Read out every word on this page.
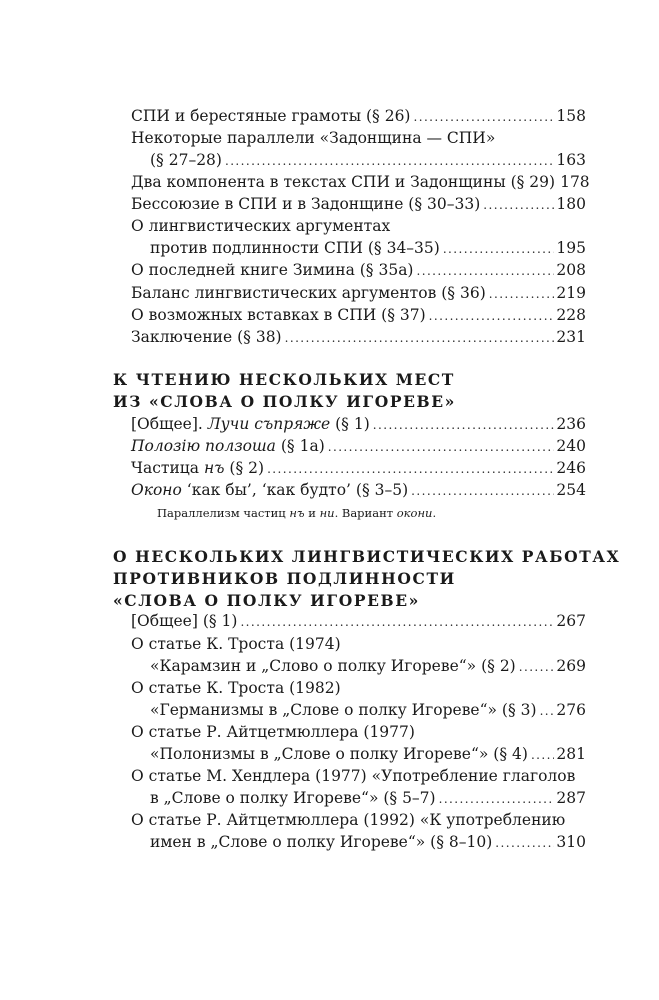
СПИ и берестяные грамоты (§ 26) . . .	158
Некоторые параллели «Задонщина — СПИ»
(§ 27–28) . . .	163
Два компонента в текстах СПИ и Задонщины (§ 29) 178
Бессоюзие в СПИ и в Задонщине (§ 30–33) . . .	180
О лингвистических аргументах
против подлинности СПИ (§ 34–35) . . .	195
О последней книге Зимина (§ 35а) . . .	208
Баланс лингвистических аргументов (§ 36) . . .	219
О возможных вставках в СПИ (§ 37) . . .	228
Заключение (§ 38) . . .	231
К ЧТЕНИЮ НЕСКОЛЬКИХ МЕСТ
ИЗ «СЛОВА О ПОЛКУ ИГОРЕВЕ»
[Общее]. Лучи съпряже (§ 1) . . .	236
Полозію ползоша (§ 1а) . . .	240
Частица нъ (§ 2) . . .	246
Оконо ‘как бы’, ‘как будто’ (§ 3–5) . . .	254
Параллелизм частиц нъ и ни. Вариант окони.
О НЕСКОЛЬКИХ ЛИНГВИСТИЧЕСКИХ РАБОТАХ
ПРОТИВНИКОВ ПОДЛИННОСТИ
«СЛОВА О ПОЛКУ ИГОРЕВЕ»
[Общее] (§ 1) . . .	267
О статье К. Троста (1974)
«Карамзин и „Слово о полку Игореве“» (§ 2) . . .	269
О статье К. Троста (1982)
«Германизмы в „Слове о полку Игореве“» (§ 3) . . . 276
О статье Р. Айтцетмюллера (1977)
«Полонизмы в „Слове о полку Игореве“» (§ 4) . . . 281
О статье М. Хендлера (1977) «Употребление глаголов
в „Слове о полку Игореве“» (§ 5–7) . . .	287
О статье Р. Айтцетмюллера (1992) «К употреблению
имен в „Слове о полку Игореве“» (§ 8–10) . . .	310
